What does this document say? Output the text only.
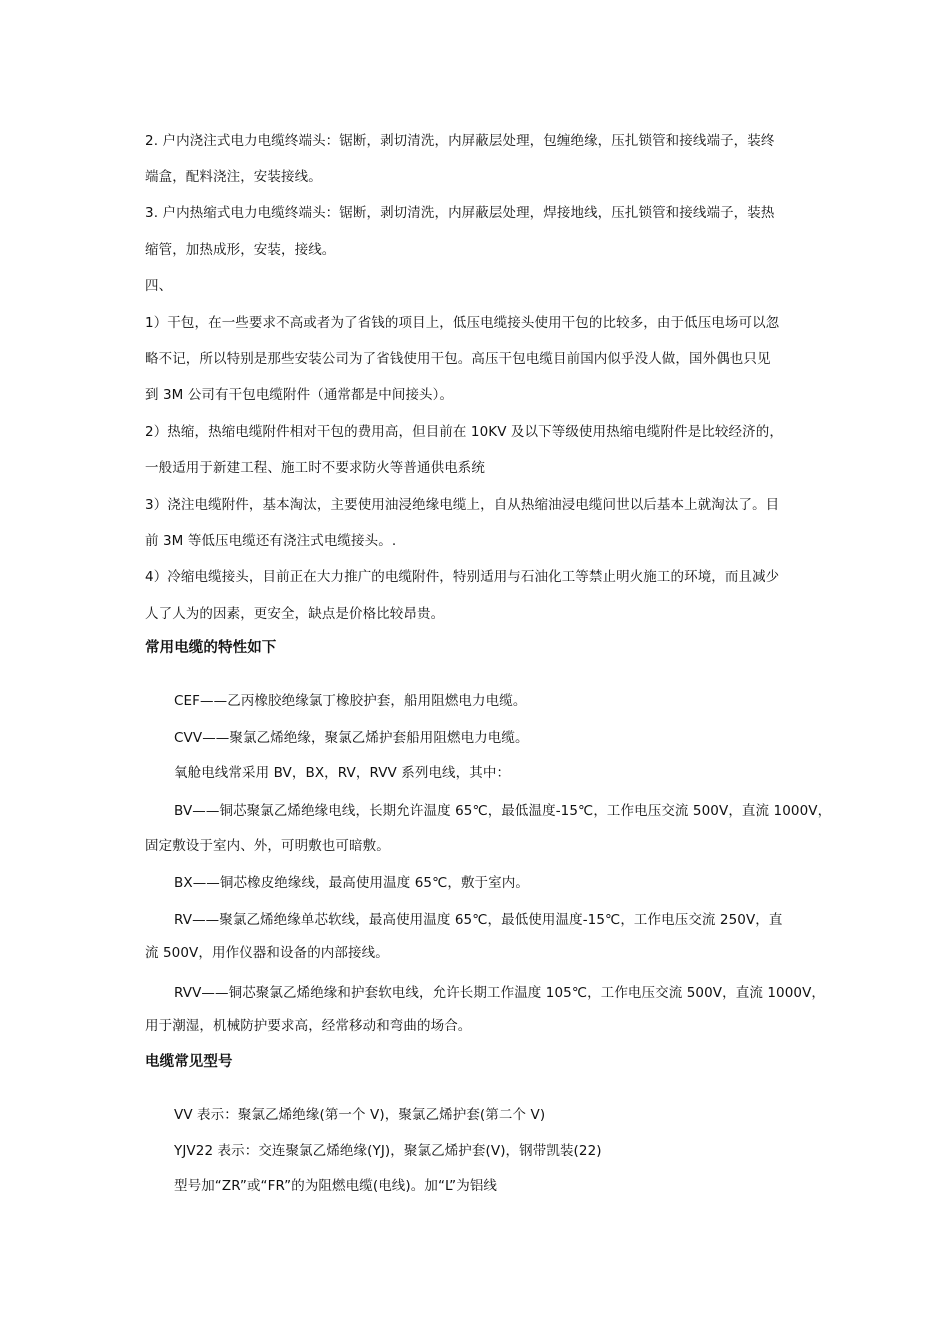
2. 户内浇注式电力电缆终端头：锯断，剥切清洗，内屏蔽层处理，包缠绝缘，压扎锁管和接线端子，装终
端盒，配料浇注，安装接线。
3. 户内热缩式电力电缆终端头：锯断，剥切清洗，内屏蔽层处理，焊接地线，压扎锁管和接线端子，装热
缩管，加热成形，安装，接线。
四、
1）干包，在一些要求不高或者为了省钱的项目上，低压电缆接头使用干包的比较多，由于低压电场可以忽
略不记，所以特别是那些安装公司为了省钱使用干包。高压干包电缆目前国内似乎没人做，国外偶也只见
到 3M 公司有干包电缆附件（通常都是中间接头）。
2）热缩，热缩电缆附件相对干包的费用高，但目前在 10KV 及以下等级使用热缩电缆附件是比较经济的，
一般适用于新建工程、施工时不要求防火等普通供电系统
3）浇注电缆附件，基本淘汰，主要使用油浸绝缘电缆上，自从热缩油浸电缆问世以后基本上就淘汰了。目
前 3M 等低压电缆还有浇注式电缆接头。.
4）冷缩电缆接头，目前正在大力推广的电缆附件，特别适用与石油化工等禁止明火施工的环境，而且减少
人了人为的因素，更安全，缺点是价格比较昂贵。
常用电缆的特性如下
CEF——乙丙橡胶绝缘氯丁橡胶护套，船用阻燃电力电缆。
CVV——聚氯乙烯绝缘，聚氯乙烯护套船用阻燃电力电缆。
氧舱电线常采用 BV，BX，RV，RVV 系列电线，其中：
BV——铜芯聚氯乙烯绝缘电线，长期允许温度 65℃，最低温度-15℃，工作电压交流 500V，直流 1000V，
固定敷设于室内、外，可明敷也可暗敷。
BX——铜芯橡皮绝缘线，最高使用温度 65℃，敷于室内。
RV——聚氯乙烯绝缘单芯软线，最高使用温度 65℃，最低使用温度-15℃，工作电压交流 250V，直
流 500V，用作仪器和设备的内部接线。
RVV——铜芯聚氯乙烯绝缘和护套软电线，允许长期工作温度 105℃，工作电压交流 500V，直流 1000V，
用于潮湿，机械防护要求高，经常移动和弯曲的场合。
电缆常见型号
VV 表示：聚氯乙烯绝缘(第一个 V)，聚氯乙烯护套(第二个 V)
YJV22 表示：交连聚氯乙烯绝缘(YJ)，聚氯乙烯护套(V)，钢带凯装(22)
型号加“ZR”或“FR”的为阻燃电缆(电线)。加“L”为铝线
